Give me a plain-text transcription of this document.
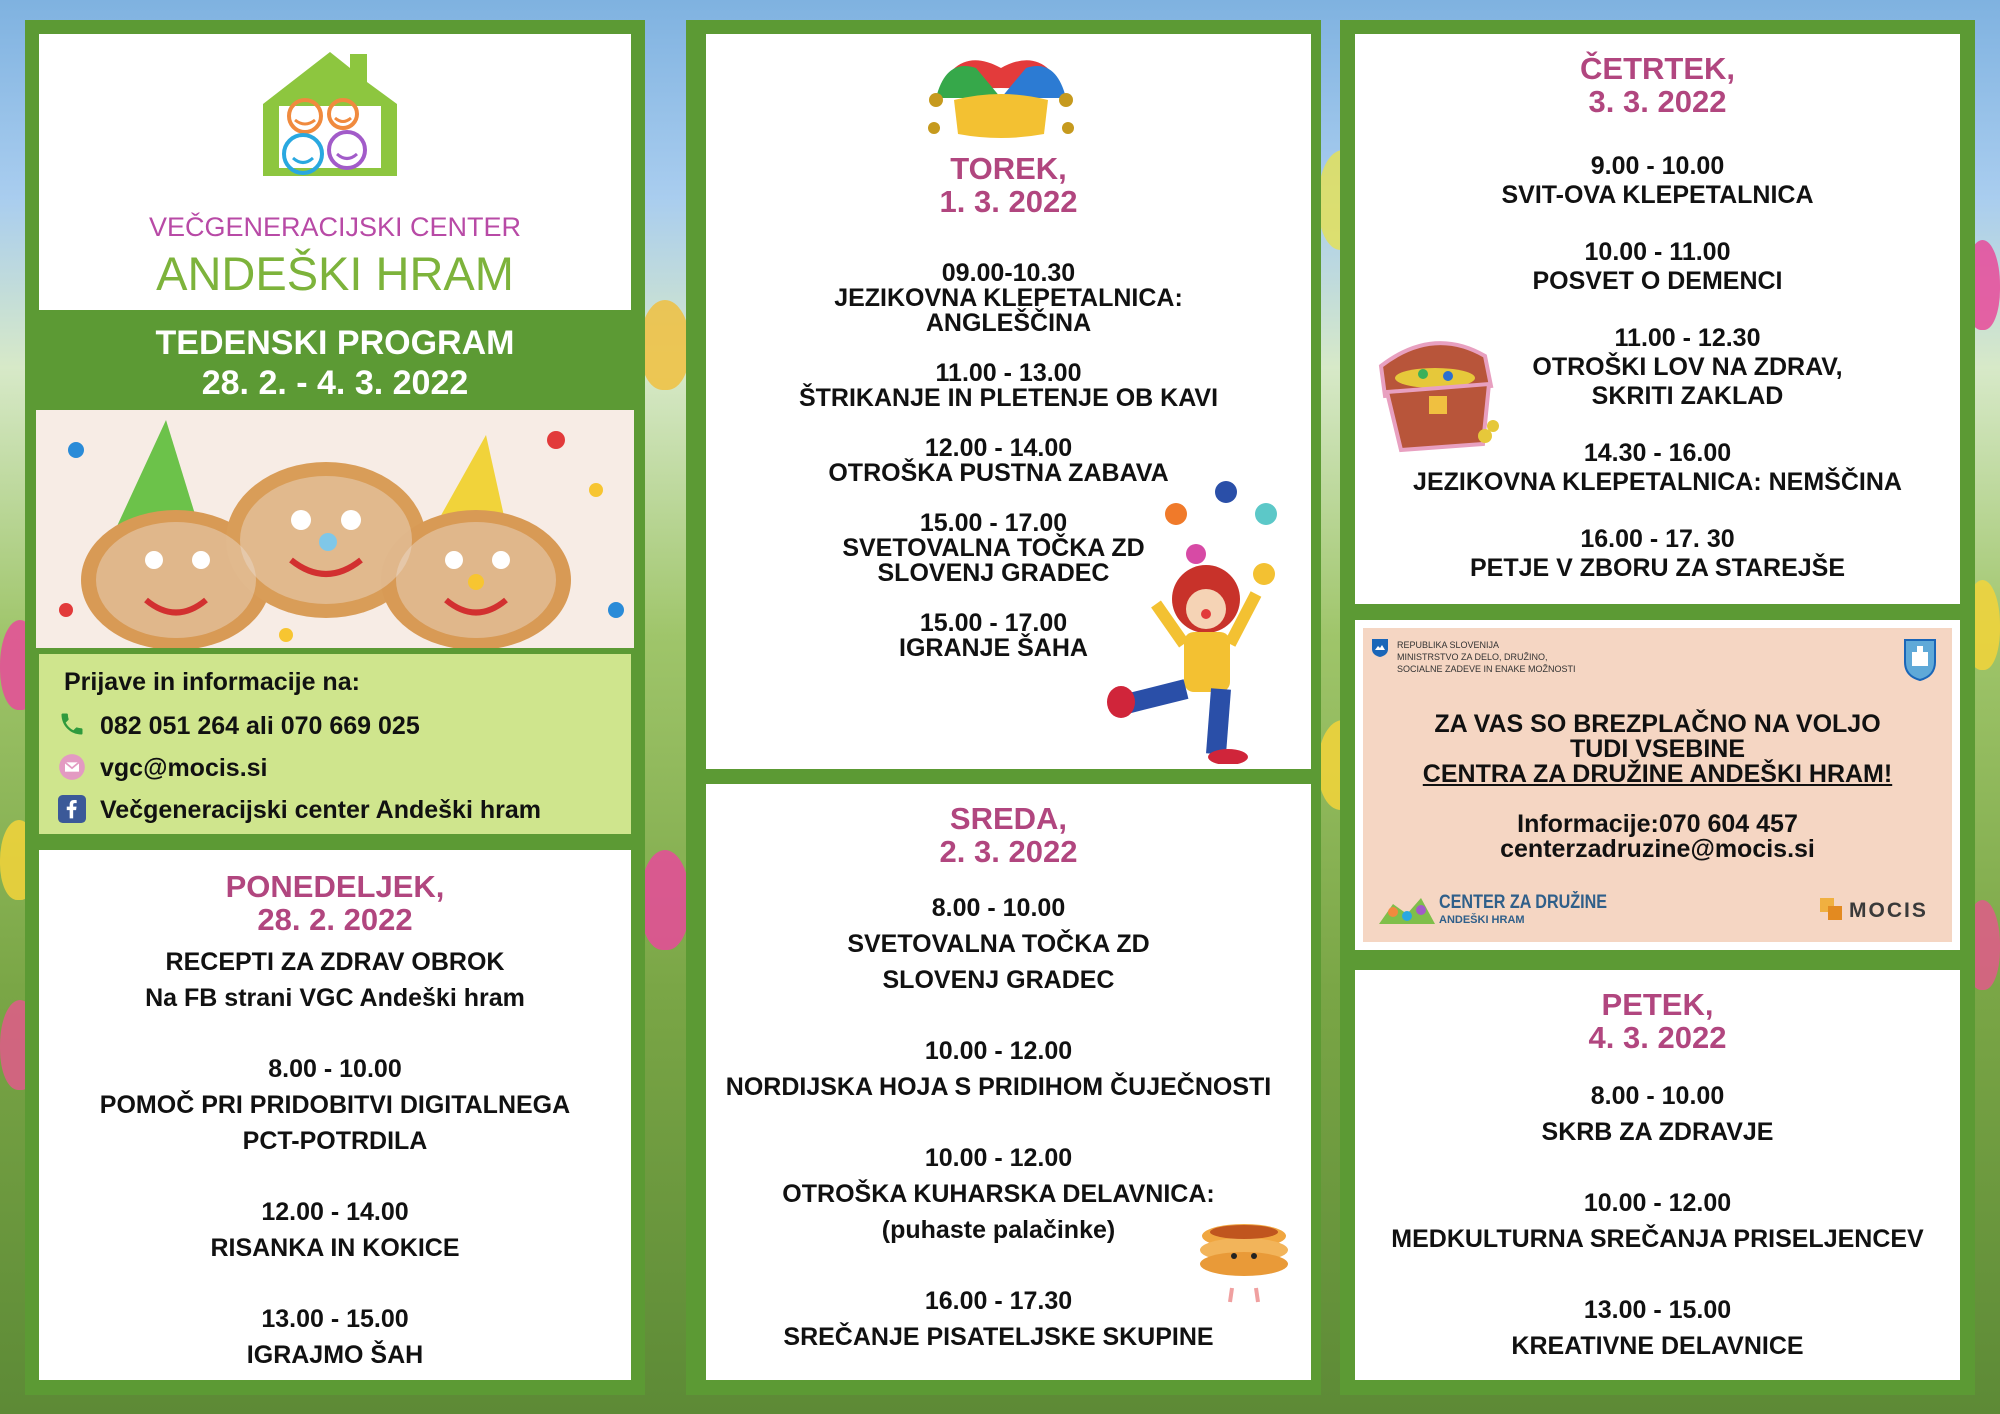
VEČGENERACIJSKI CENTER
ANDEŠKI HRAM
TEDENSKI PROGRAM
28. 2. - 4. 3. 2022
Prijave in informacije na:
082 051 264 ali 070 669 025
vgc@mocis.si
Večgeneracijski center Andeški hram
PONEDELJEK,
28. 2. 2022
RECEPTI ZA ZDRAV OBROK
Na FB strani VGC Andeški hram
8.00 - 10.00
POMOČ PRI PRIDOBITVI DIGITALNEGA
PCT-POTRDILA
12.00 - 14.00
RISANKA IN KOKICE
13.00 - 15.00
IGRAJMO ŠAH
TOREK,
1. 3. 2022
09.00-10.30
JEZIKOVNA KLEPETALNICA:
ANGLEŠČINA
11.00 - 13.00
ŠTRIKANJE IN PLETENJE OB KAVI
12.00 - 14.00
OTROŠKA PUSTNA ZABAVA
15.00 - 17.00
SVETOVALNA TOČKA ZD
SLOVENJ GRADEC
15.00 - 17.00
IGRANJE ŠAHA
SREDA,
2. 3. 2022
8.00 - 10.00
SVETOVALNA TOČKA ZD
SLOVENJ GRADEC
10.00 - 12.00
NORDIJSKA HOJA S PRIDIHOM ČUJEČNOSTI
10.00 - 12.00
OTROŠKA KUHARSKA DELAVNICA:
(puhaste palačinke)
16.00 - 17.30
SREČANJE PISATELJSKE SKUPINE
ČETRTEK,
3. 3. 2022
9.00 - 10.00
SVIT-OVA KLEPETALNICA
10.00 - 11.00
POSVET O DEMENCI
11.00 - 12.30
OTROŠKI LOV NA ZDRAV,
SKRITI ZAKLAD
14.30 - 16.00
JEZIKOVNA KLEPETALNICA: NEMŠČINA
16.00 - 17. 30
PETJE V ZBORU ZA STAREJŠE
REPUBLIKA SLOVENIJA
MINISTRSTVO ZA DELO, DRUŽINO,
SOCIALNE ZADEVE IN ENAKE MOŽNOSTI
ZA VAS SO BREZPLAČNO NA VOLJO
TUDI VSEBINE
CENTRA ZA DRUŽINE ANDEŠKI HRAM!
Informacije:070 604 457
centerzadruzine@mocis.si
CENTER ZA DRUŽINE
ANDEŠKI HRAM	MOCIS
PETEK,
4. 3. 2022
8.00 - 10.00
SKRB ZA ZDRAVJE
10.00 - 12.00
MEDKULTURNA SREČANJA PRISELJENCEV
13.00 - 15.00
KREATIVNE DELAVNICE
